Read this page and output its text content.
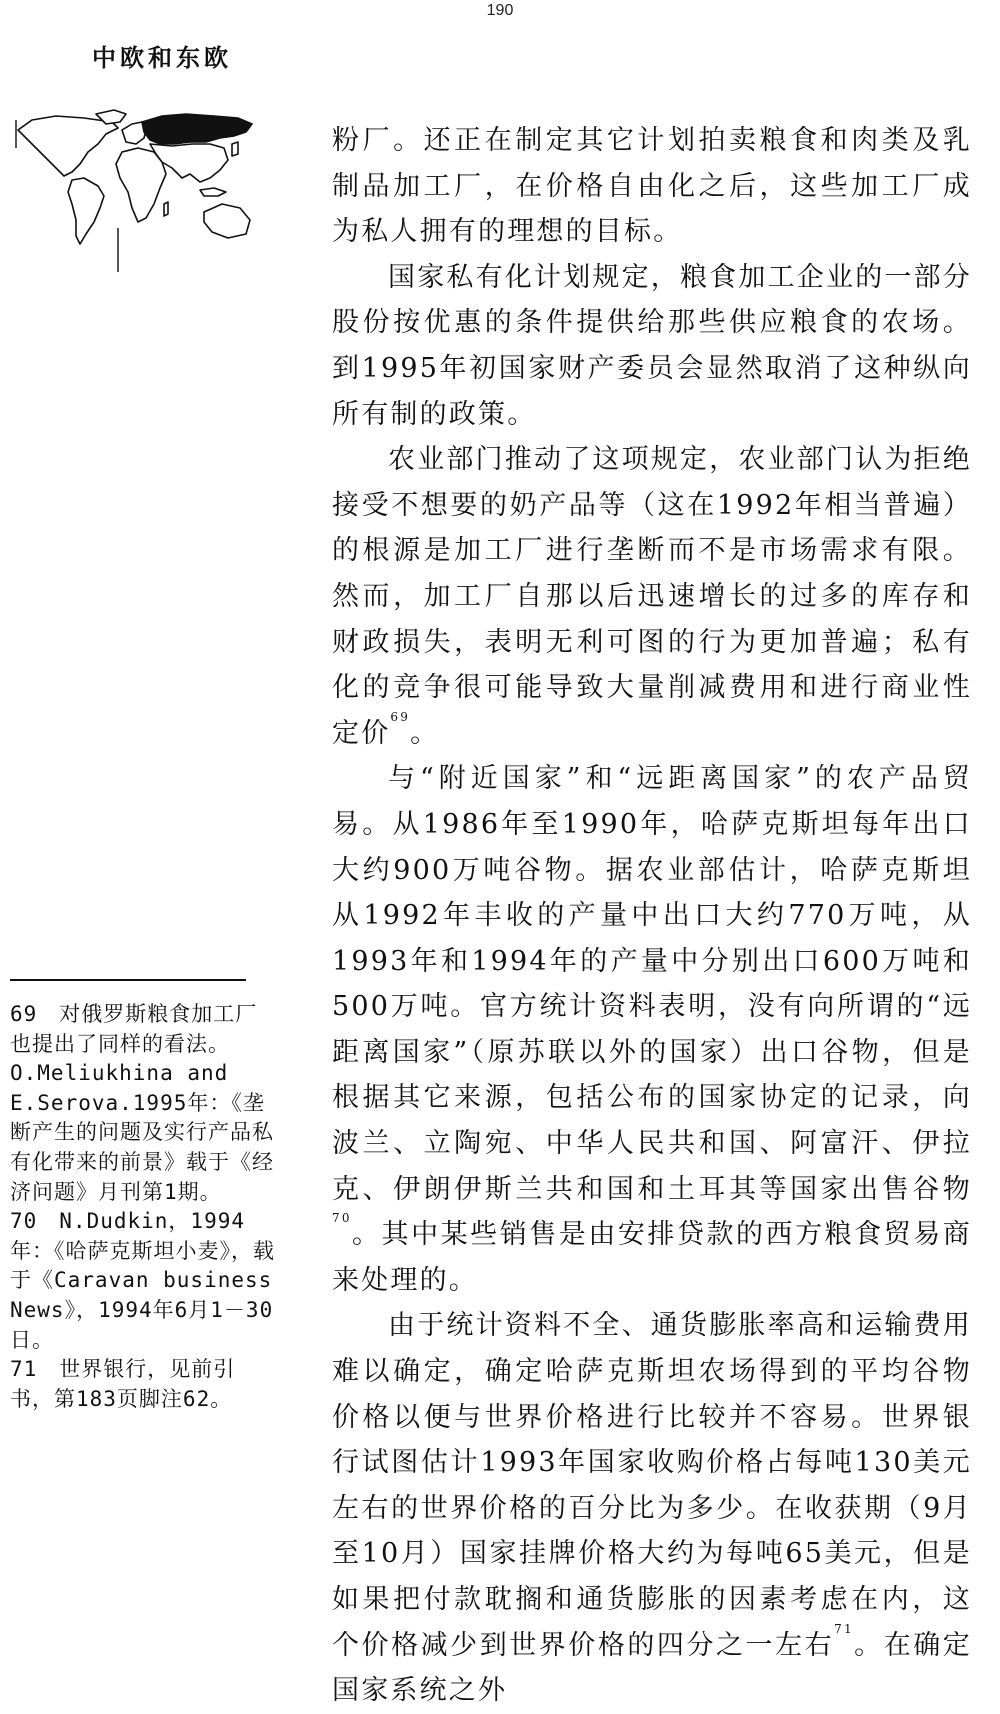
190
中欧和东欧

粉厂。还正在制定其它计划拍卖粮食和肉类及乳制品加工厂，在价格自由化之后，这些加工厂成为私人拥有的理想的目标。

国家私有化计划规定，粮食加工企业的一部分股份按优惠的条件提供给那些供应粮食的农场。到1995年初国家财产委员会显然取消了这种纵向所有制的政策。

农业部门推动了这项规定，农业部门认为拒绝接受不想要的奶产品等（这在1992年相当普遍）的根源是加工厂进行垄断而不是市场需求有限。然而，加工厂自那以后迅速增长的过多的库存和财政损失，表明无利可图的行为更加普遍；私有化的竞争很可能导致大量削减费用和进行商业性定价$^{69}$。

与“附近国家”和“远距离国家”的农产品贸易。从1986年至1990年，哈萨克斯坦每年出口大约900万吨谷物。据农业部估计，哈萨克斯坦从1992年丰收的产量中出口大约770万吨，从1993年和1994年的产量中分别出口600万吨和500万吨。官方统计资料表明，没有向所谓的“远距离国家”（原苏联以外的国家）出口谷物，但是根据其它来源，包括公布的国家协定的记录，向波兰、立陶宛、中华人民共和国、阿富汗、伊拉克、伊朗伊斯兰共和国和土耳其等国家出售谷物$^{70}$。其中某些销售是由安排贷款的西方粮食贸易商来处理的。

由于统计资料不全、通货膨胀率高和运输费用难以确定，确定哈萨克斯坦农场得到的平均谷物价格以便与世界价格进行比较并不容易。世界银行试图估计1993年国家收购价格占每吨130美元左右的世界价格的百分比为多少。在收获期（9月至10月）国家挂牌价格大约为每吨65美元，但是如果把付款耽搁和通货膨胀的因素考虑在内，这个价格减少到世界价格的四分之一左右$^{71}$。在确定国家系统之外

69　对俄罗斯粮食加工厂也提出了同样的看法。O.Meliukhina and E.Serova.1995年：《垄断产生的问题及实行产品私有化带来的前景》载于《经济问题》月刊第1期。

70　N.Dudkin，1994年：《哈萨克斯坦小麦》，载于《Caravan business News》，1994年6月1－30日。

71　世界银行，见前引书，第183页脚注62。
